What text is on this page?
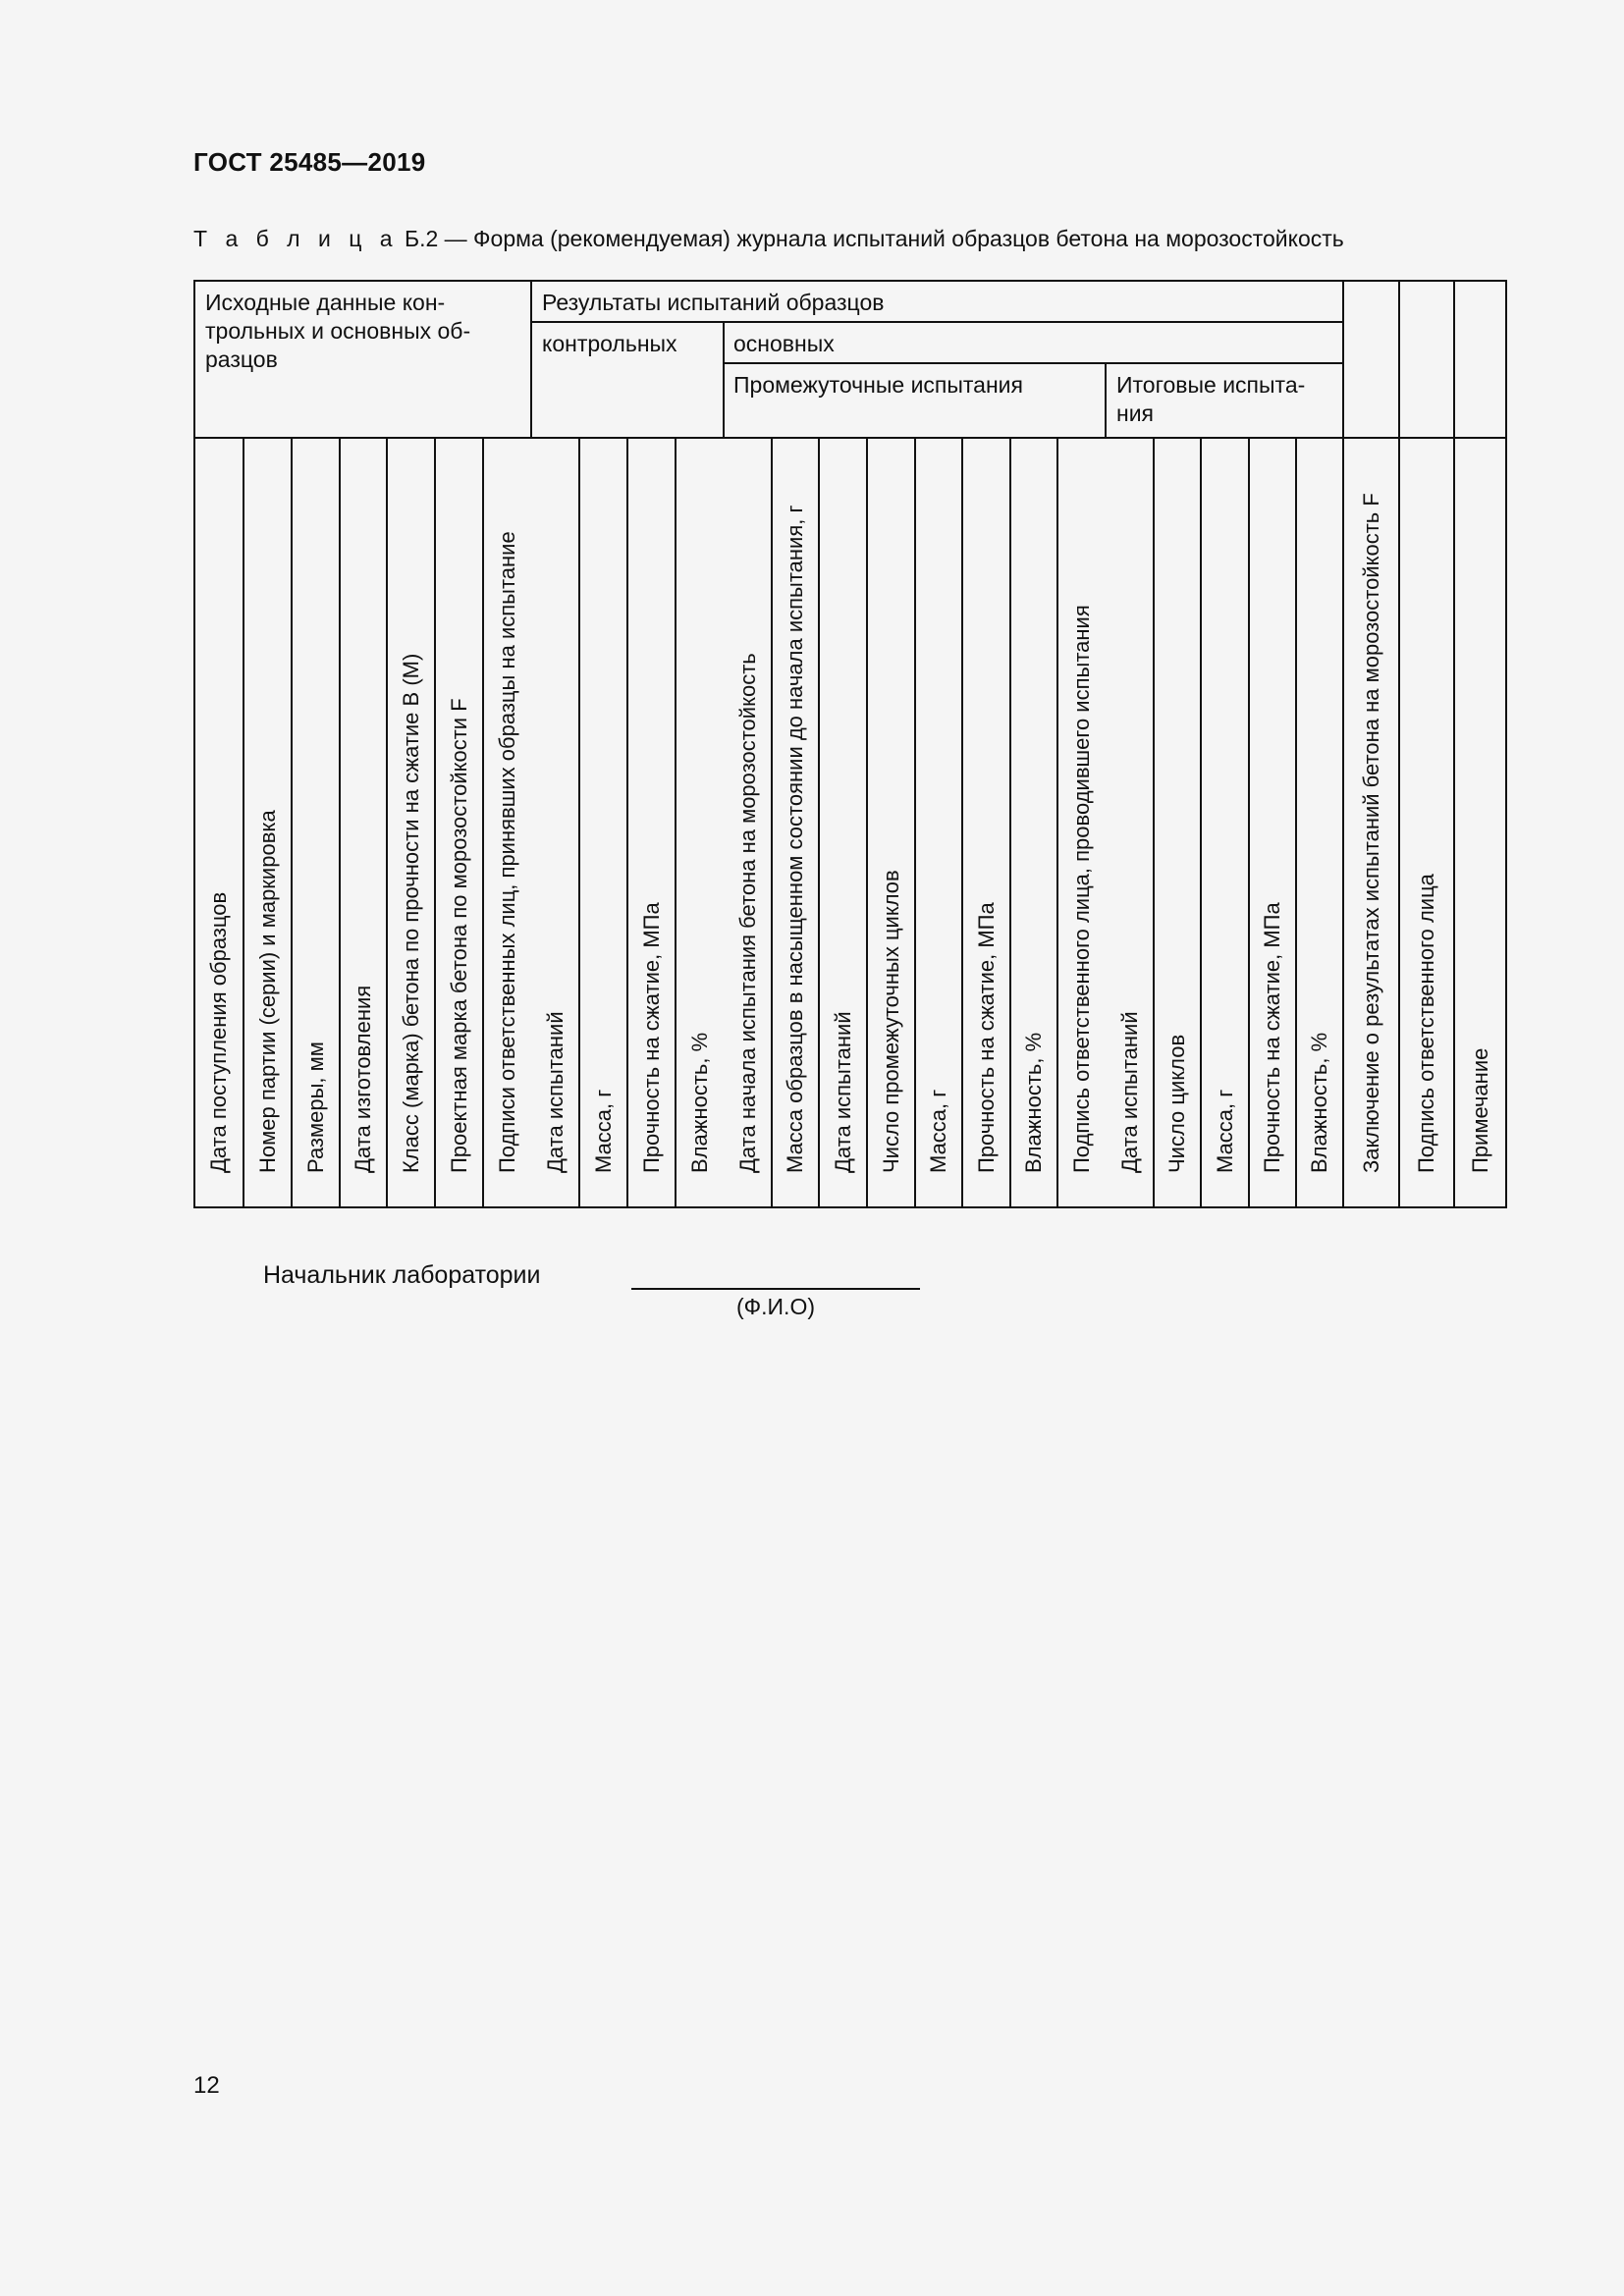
ГОСТ 25485—2019
Т а б л и ц а Б.2 — Форма (рекомендуемая) журнала испытаний образцов бетона на морозостойкость
Исходные данные кон-
трольных и основных об-
разцов
Результаты испытаний образцов
контрольных основных
Промежуточные испытания	Итоговые испыта-
ния
Дата поступления образцов Номер партии (серии) и маркировка Размеры, мм Дата изготовления Класс (марка) бетона по прочности на сжатие В (М) Проектная марка бетона по морозостойкости F Подписи ответственных лиц, принявших образцы на испытание Дата испытаний Масса, г Прочность на сжатие, МПа Влажность, % Дата начала испытания бетона на морозостойкость Масса образцов в насыщенном состоянии до начала испытания, г Дата испытаний Число промежуточных циклов Масса, г Прочность на сжатие, МПа Влажность, % Подпись ответственного лица, проводившего испытания Дата испытаний Число циклов Масса, г Прочность на сжатие, МПа Влажность, % Заключение о результатах испытаний бетона на морозостойкость F Подпись ответственного лица Примечание
Начальник лаборатории
(Ф.И.О)
12
